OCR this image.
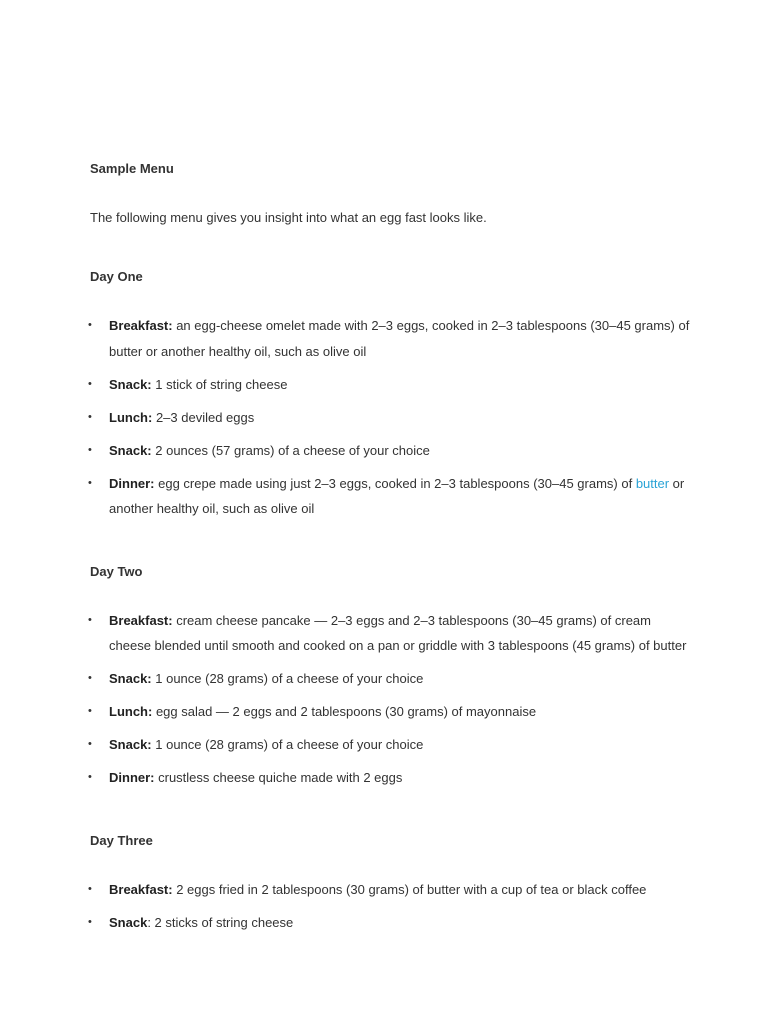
Sample Menu

The following menu gives you insight into what an egg fast looks like.

Day One
• Breakfast: an egg-cheese omelet made with 2–3 eggs, cooked in 2–3 tablespoons (30–45 grams) of butter or another healthy oil, such as olive oil
• Snack: 1 stick of string cheese
• Lunch: 2–3 deviled eggs
• Snack: 2 ounces (57 grams) of a cheese of your choice
• Dinner: egg crepe made using just 2–3 eggs, cooked in 2–3 tablespoons (30–45 grams) of butter or another healthy oil, such as olive oil
Day Two
• Breakfast: cream cheese pancake — 2–3 eggs and 2–3 tablespoons (30–45 grams) of cream cheese blended until smooth and cooked on a pan or griddle with 3 tablespoons (45 grams) of butter
• Snack: 1 ounce (28 grams) of a cheese of your choice
• Lunch: egg salad — 2 eggs and 2 tablespoons (30 grams) of mayonnaise
• Snack: 1 ounce (28 grams) of a cheese of your choice
• Dinner: crustless cheese quiche made with 2 eggs
Day Three
• Breakfast: 2 eggs fried in 2 tablespoons (30 grams) of butter with a cup of tea or black coffee
• Snack: 2 sticks of string cheese
